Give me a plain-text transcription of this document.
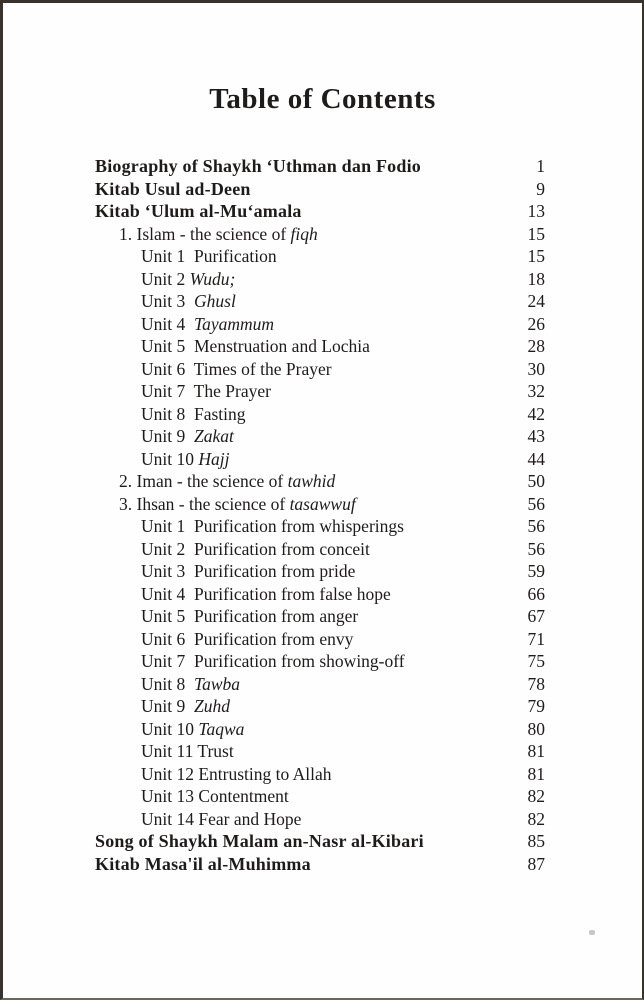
Table of Contents
Biography of Shaykh ‘Uthman dan Fodio	1
Kitab Usul ad-Deen	9
Kitab ‘Ulum al-Mu‘amala	13
1. Islam - the science of fiqh	15
Unit 1  Purification	15
Unit 2 Wudu;	18
Unit 3  Ghusl	24
Unit 4  Tayammum	26
Unit 5  Menstruation and Lochia	28
Unit 6  Times of the Prayer	30
Unit 7  The Prayer	32
Unit 8  Fasting	42
Unit 9  Zakat	43
Unit 10 Hajj	44
2. Iman - the science of tawhid	50
3. Ihsan - the science of tasawwuf	56
Unit 1  Purification from whisperings	56
Unit 2  Purification from conceit	56
Unit 3  Purification from pride	59
Unit 4  Purification from false hope	66
Unit 5  Purification from anger	67
Unit 6  Purification from envy	71
Unit 7  Purification from showing-off	75
Unit 8  Tawba	78
Unit 9  Zuhd	79
Unit 10 Taqwa	80
Unit 11 Trust	81
Unit 12 Entrusting to Allah	81
Unit 13 Contentment	82
Unit 14 Fear and Hope	82
Song of Shaykh Malam an-Nasr al-Kibari	85
Kitab Masa'il al-Muhimma	87
